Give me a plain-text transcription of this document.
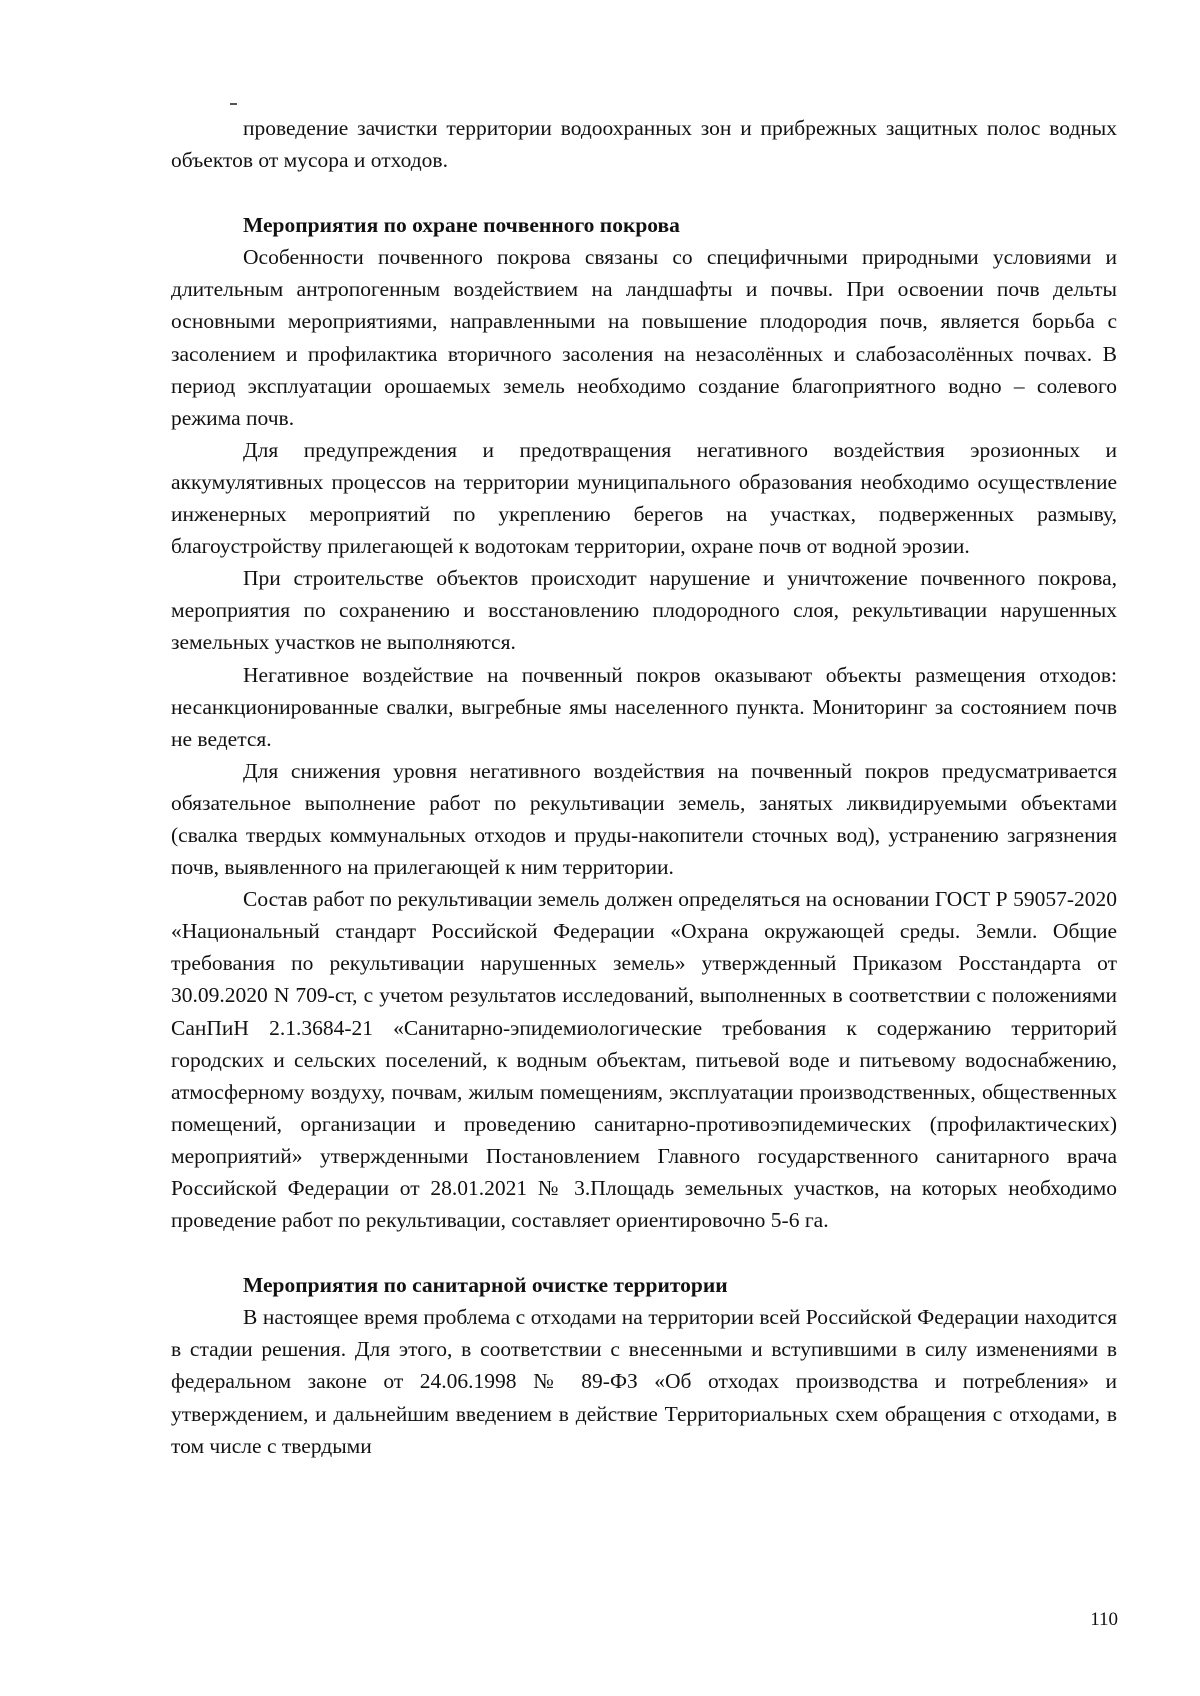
проведение зачистки территории водоохранных зон и прибрежных защитных полос водных объектов от мусора и отходов.

Мероприятия по охране почвенного покрова

Особенности почвенного покрова связаны со специфичными природными условиями и длительным антропогенным воздействием на ландшафты и почвы. При освоении почв дельты основными мероприятиями, направленными на повышение плодородия почв, является борьба с засолением и профилактика вторичного засоления на незасолённых и слабозасолённых почвах. В период эксплуатации орошаемых земель необходимо создание благоприятного водно – солевого режима почв.

Для предупреждения и предотвращения негативного воздействия эрозионных и аккумулятивных процессов на территории муниципального образования необходимо осуществление инженерных мероприятий по укреплению берегов на участках, подверженных размыву, благоустройству прилегающей к водотокам территории, охране почв от водной эрозии.

При строительстве объектов происходит нарушение и уничтожение почвенного покрова, мероприятия по сохранению и восстановлению плодородного слоя, рекультивации нарушенных земельных участков не выполняются.

Негативное воздействие на почвенный покров оказывают объекты размещения отходов: несанкционированные свалки, выгребные ямы населенного пункта. Мониторинг за состоянием почв не ведется.

Для снижения уровня негативного воздействия на почвенный покров предусматривается обязательное выполнение работ по рекультивации земель, занятых ликвидируемыми объектами (свалка твердых коммунальных отходов и пруды-накопители сточных вод), устранению загрязнения почв, выявленного на прилегающей к ним территории.

Состав работ по рекультивации земель должен определяться на основании ГОСТ Р 59057-2020 «Национальный стандарт Российской Федерации «Охрана окружающей среды. Земли. Общие требования по рекультивации нарушенных земель» утвержденный Приказом Росстандарта от 30.09.2020 N 709-ст, с учетом результатов исследований, выполненных в соответствии с положениями СанПиН 2.1.3684-21 «Санитарно-эпидемиологические требования к содержанию территорий городских и сельских поселений, к водным объектам, питьевой воде и питьевому водоснабжению, атмосферному воздуху, почвам, жилым помещениям, эксплуатации производственных, общественных помещений, организации и проведению санитарно-противоэпидемических (профилактических) мероприятий» утвержденными Постановлением Главного государственного санитарного врача Российской Федерации от 28.01.2021 № 3.Площадь земельных участков, на которых необходимо проведение работ по рекультивации, составляет ориентировочно 5-6 га.

Мероприятия по санитарной очистке территории

В настоящее время проблема с отходами на территории всей Российской Федерации находится в стадии решения. Для этого, в соответствии с внесенными и вступившими в силу изменениями в федеральном законе от 24.06.1998 № 89-ФЗ «Об отходах производства и потребления» и утверждением, и дальнейшим введением в действие Территориальных схем обращения с отходами, в том числе с твердыми

110
